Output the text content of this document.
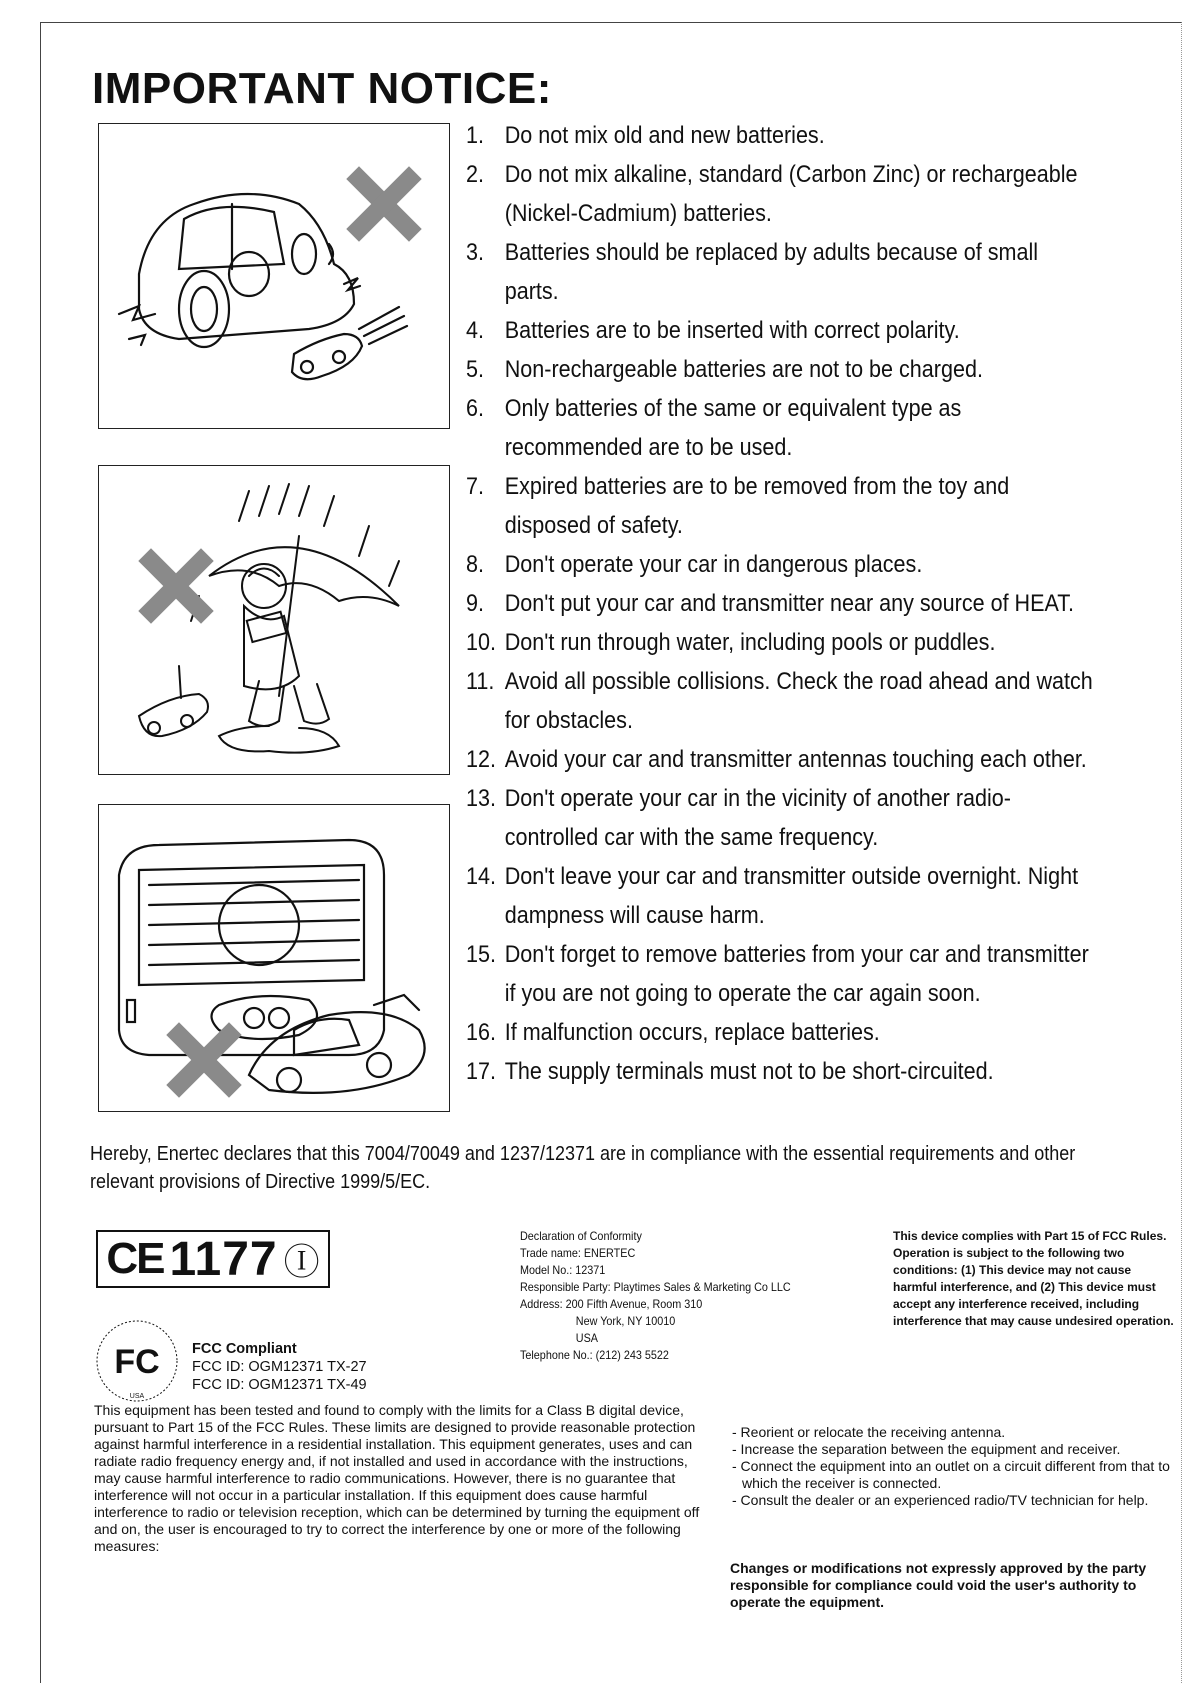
IMPORTANT NOTICE:
1. Do not mix old and new batteries.
2. Do not mix alkaline, standard (Carbon Zinc) or rechargeable (Nickel-Cadmium) batteries.
3. Batteries should be replaced by adults because of small parts.
4. Batteries are to be inserted with correct polarity.
5. Non-rechargeable batteries are not to be charged.
6. Only batteries of the same or equivalent type as recommended are to be used.
7. Expired batteries are to be removed from the toy and disposed of safety.
8. Don't operate your car in dangerous places.
9. Don't put your car and transmitter near any source of HEAT.
10. Don't run through water, including pools or puddles.
11. Avoid all possible collisions. Check the road ahead and watch for obstacles.
12. Avoid your car and transmitter antennas touching each other.
13. Don't operate your car in the vicinity of another radio-controlled car with the same frequency.
14. Don't leave your car and transmitter outside overnight. Night dampness will cause harm.
15. Don't forget to remove batteries from your car and transmitter if you are not going to operate the car again soon.
16. If malfunction occurs, replace batteries.
17. The supply terminals must not to be short-circuited.

Hereby, Enertec declares that this 7004/70049 and 1237/12371 are in compliance with the essential requirements and other relevant provisions of Directive 1999/5/EC.

CE 1177 Ⓘ
Declaration of Conformity
Trade name: ENERTEC
Model No.: 12371
Responsible Party: Playtimes Sales & Marketing Co LLC
Address: 200 Fifth Avenue, Room 310
New York, NY 10010
USA
Telephone No.: (212) 243 5522
This device complies with Part 15 of FCC Rules. Operation is subject to the following two conditions: (1) This device may not cause harmful interference, and (2) This device must accept any interference received, including interference that may cause undesired operation.
FC
USA
FCC Compliant
FCC ID: OGM12371 TX-27
FCC ID: OGM12371 TX-49
This equipment has been tested and found to comply with the limits for a Class B digital device, pursuant to Part 15 of the FCC Rules. These limits are designed to provide reasonable protection against harmful interference in a residential installation. This equipment generates, uses and can radiate radio frequency energy and, if not installed and used in accordance with the instructions, may cause harmful interference to radio communications. However, there is no guarantee that interference will not occur in a particular installation. If this equipment does cause harmful interference to radio or television reception, which can be determined by turning the equipment off and on, the user is encouraged to try to correct the interference by one or more of the following measures:
- Reorient or relocate the receiving antenna.
- Increase the separation between the equipment and receiver.
- Connect the equipment into an outlet on a circuit different from that to which the receiver is connected.
- Consult the dealer or an experienced radio/TV technician for help.
Changes or modifications not expressly approved by the party responsible for compliance could void the user's authority to operate the equipment.
